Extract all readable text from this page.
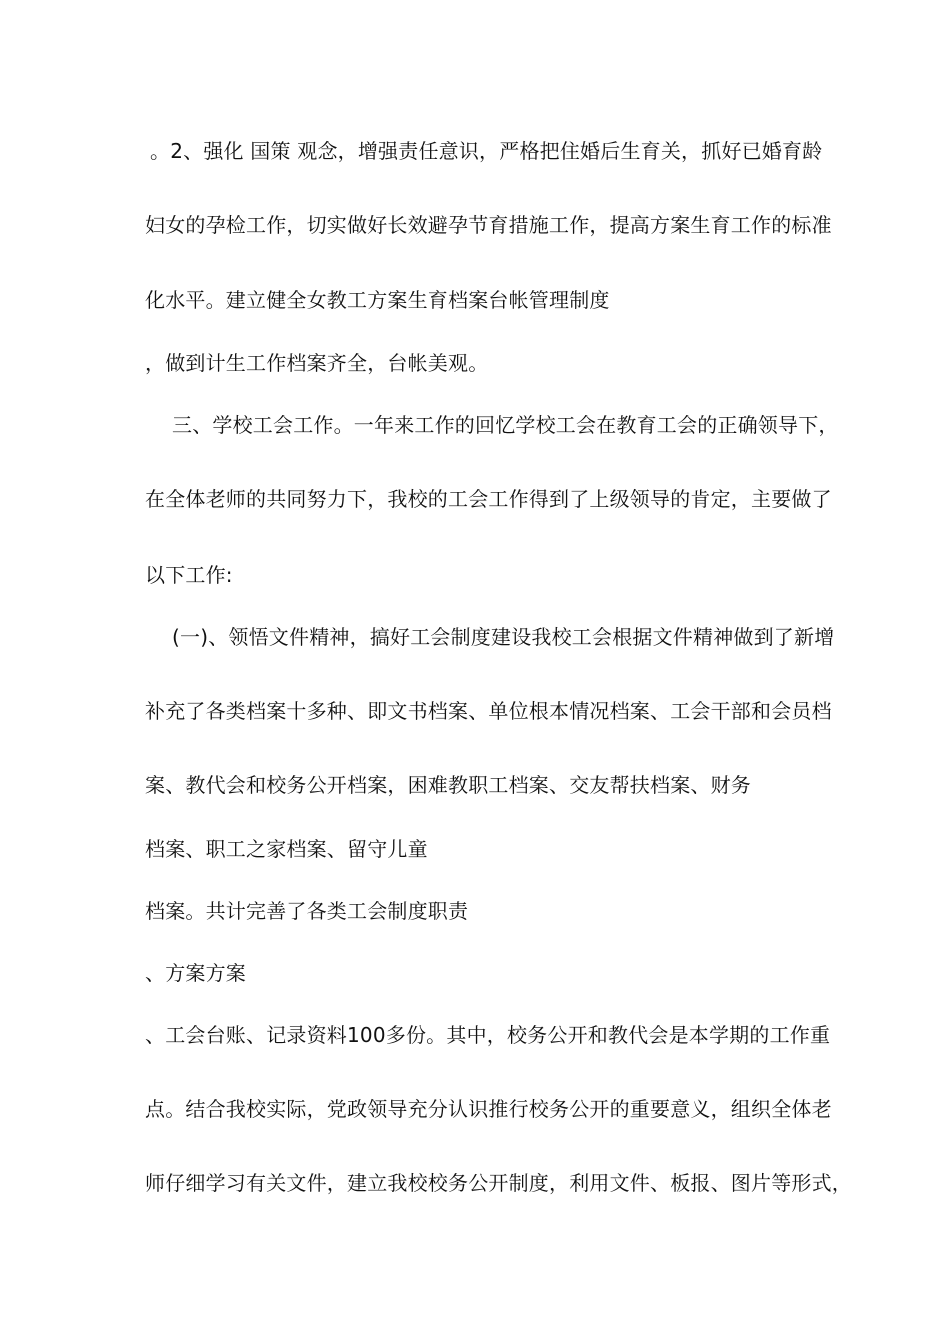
。2、强化 国策 观念，增强责任意识，严格把住婚后生育关，抓好已婚育龄
妇女的孕检工作，切实做好长效避孕节育措施工作，提高方案生育工作的标准
化水平。建立健全女教工方案生育档案台帐管理制度
，做到计生工作档案齐全，台帐美观。
三、学校工会工作。一年来工作的回忆学校工会在教育工会的正确领导下，
在全体老师的共同努力下，我校的工会工作得到了上级领导的肯定，主要做了
以下工作:
(一)、领悟文件精神，搞好工会制度建设我校工会根据文件精神做到了新增
补充了各类档案十多种、即文书档案、单位根本情况档案、工会干部和会员档
案、教代会和校务公开档案，困难教职工档案、交友帮扶档案、财务
档案、职工之家档案、留守儿童
档案。共计完善了各类工会制度职责
、方案方案
、工会台账、记录资料100多份。其中，校务公开和教代会是本学期的工作重
点。结合我校实际，党政领导充分认识推行校务公开的重要意义，组织全体老
师仔细学习有关文件，建立我校校务公开制度，利用文件、板报、图片等形式，
